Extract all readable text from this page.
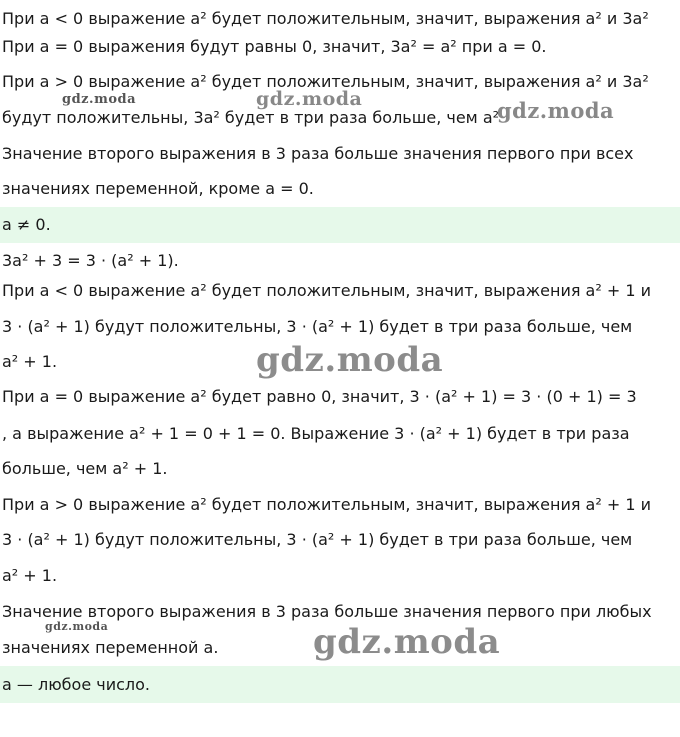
При a < 0 выражение a² будет положительным, значит, выражения a² и 3a²
При a = 0 выражения будут равны 0, значит, 3a² = a² при a = 0.
При a > 0 выражение a² будет положительным, значит, выражения a² и 3a²
будут положительны, 3a² будет в три раза больше, чем a²
Значение второго выражения в 3 раза больше значения первого при всех
значениях переменной, кроме a = 0.
a ≠ 0.
3a² + 3 = 3 · (a² + 1).
При a < 0 выражение a² будет положительным, значит, выражения a² + 1 и
3 · (a² + 1) будут положительны, 3 · (a² + 1) будет в три раза больше, чем
a² + 1.
При a = 0 выражение a² будет равно 0, значит, 3 · (a² + 1) = 3 · (0 + 1) = 3
, а выражение a² + 1 = 0 + 1 = 0. Выражение 3 · (a² + 1) будет в три раза
больше, чем a² + 1.
При a > 0 выражение a² будет положительным, значит, выражения a² + 1 и
3 · (a² + 1) будут положительны, 3 · (a² + 1) будет в три раза больше, чем
a² + 1.
Значение второго выражения в 3 раза больше значения первого при любых
значениях переменной a.
a — любое число.
gdz.moda	gdz.moda	gdz.moda
gdz.moda
gdz.moda	gdz.moda
